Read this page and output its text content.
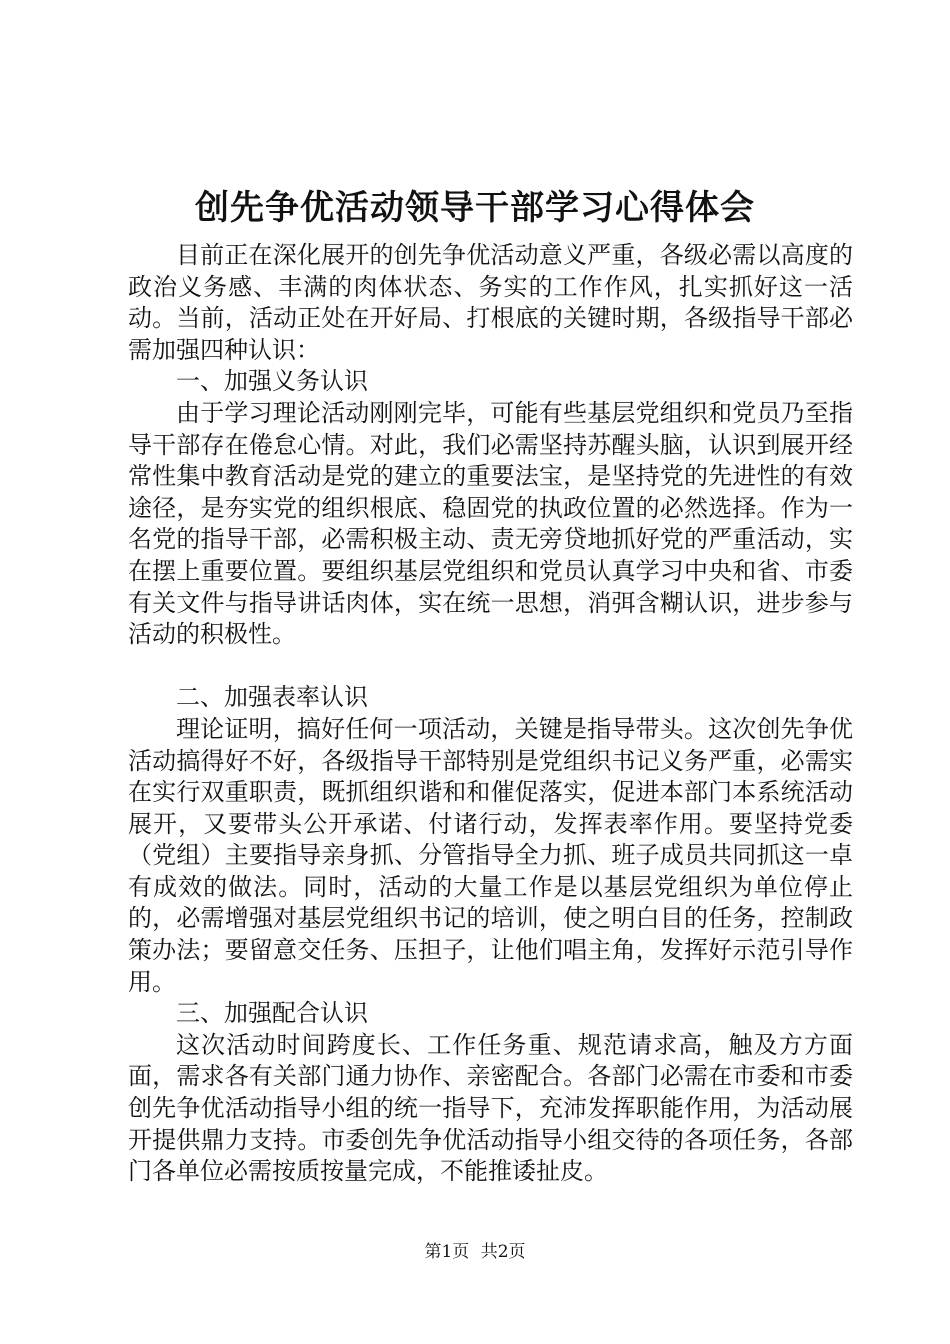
创先争优活动领导干部学习心得体会

目前正在深化展开的创先争优活动意义严重，各级必需以高度的政治义务感、丰满的肉体状态、务实的工作作风，扎实抓好这一活动。当前，活动正处在开好局、打根底的关键时期，各级指导干部必需加强四种认识：

一、加强义务认识

由于学习理论活动刚刚完毕，可能有些基层党组织和党员乃至指导干部存在倦怠心情。对此，我们必需坚持苏醒头脑，认识到展开经常性集中教育活动是党的建立的重要法宝，是坚持党的先进性的有效途径，是夯实党的组织根底、稳固党的执政位置的必然选择。作为一名党的指导干部，必需积极主动、责无旁贷地抓好党的严重活动，实在摆上重要位置。要组织基层党组织和党员认真学习中央和省、市委有关文件与指导讲话肉体，实在统一思想，消弭含糊认识，进步参与活动的积极性。

二、加强表率认识

理论证明，搞好任何一项活动，关键是指导带头。这次创先争优活动搞得好不好，各级指导干部特别是党组织书记义务严重，必需实在实行双重职责，既抓组织谐和和催促落实，促进本部门本系统活动展开，又要带头公开承诺、付诸行动，发挥表率作用。要坚持党委（党组）主要指导亲身抓、分管指导全力抓、班子成员共同抓这一卓有成效的做法。同时，活动的大量工作是以基层党组织为单位停止的，必需增强对基层党组织书记的培训，使之明白目的任务，控制政策办法；要留意交任务、压担子，让他们唱主角，发挥好示范引导作用。

三、加强配合认识

这次活动时间跨度长、工作任务重、规范请求高，触及方方面面，需求各有关部门通力协作、亲密配合。各部门必需在市委和市委创先争优活动指导小组的统一指导下，充沛发挥职能作用，为活动展开提供鼎力支持。市委创先争优活动指导小组交待的各项任务，各部门各单位必需按质按量完成，不能推诿扯皮。

第1页 共2页
